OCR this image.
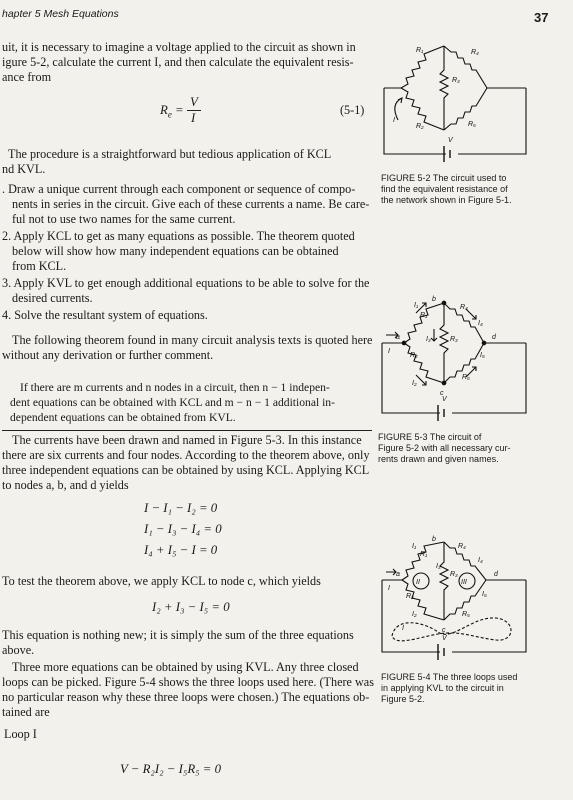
hapter 5 Mesh Equations	37
uit, it is necessary to imagine a voltage applied to the circuit as shown in
igure 5-2, calculate the current I, and then calculate the equivalent resis-
ance from
$R_e$ =
V
I
(5-1)
The procedure is a straightforward but tedious application of KCL
nd KVL.
. Draw a unique current through each component or sequence of compo-
nents in series in the circuit. Give each of these currents a name. Be care-
ful not to use two names for the same current.
2. Apply KCL to get as many equations as possible. The theorem quoted
below will show how many independent equations can be obtained
from KCL.
3. Apply KVL to get enough additional equations to be able to solve for the
desired currents.
4. Solve the resultant system of equations.
The following theorem found in many circuit analysis texts is quoted here
without any derivation or further comment.
If there are m currents and n nodes in a circuit, then n − 1 indepen-
dent equations can be obtained with KCL and m − n − 1 additional in-
dependent equations can be obtained from KVL.
The currents have been drawn and named in Figure 5-3. In this instance
there are six currents and four nodes. According to the theorem above, only
three independent equations can be obtained by using KCL. Applying KCL
to nodes a, b, and d yields
I − I₁ − I₂ = 0
I₁ − I₃ − I₄ = 0
I₄ + I₅ − I = 0
To test the theorem above, we apply KCL to node c, which yields
I₂ + I₃ − I₅ = 0
This equation is nothing new; it is simply the sum of the three equations
above.
Three more equations can be obtained by using KVL. Any three closed
loops can be picked. Figure 5-4 shows the three loops used here. (There was
no particular reason why these three loops were chosen.) The equations ob-
tained are
Loop I
V − R₂I₂ − I₅R₅ = 0
R₁	R₄
R₃
R₂	R₅
I
V
FIGURE 5-2 The circuit used to
find the equivalent resistance of
the network shown in Figure 5-1.
b
a	d
c
I₁
R₁
R₄
I₄
I₃	R₃
R₂	I₅
I₂
R₅
I
V
FIGURE 5-3 The circuit of
Figure 5-2 with all necessary cur-
rents drawn and given names.
b
a	d
c
II	III
I
I₁
R₁
R₄
I₄
R₃
I₃
R₂	I₅
I₂	R₅
I
V
FIGURE 5-4 The three loops used
in applying KVL to the circuit in
Figure 5-2.
